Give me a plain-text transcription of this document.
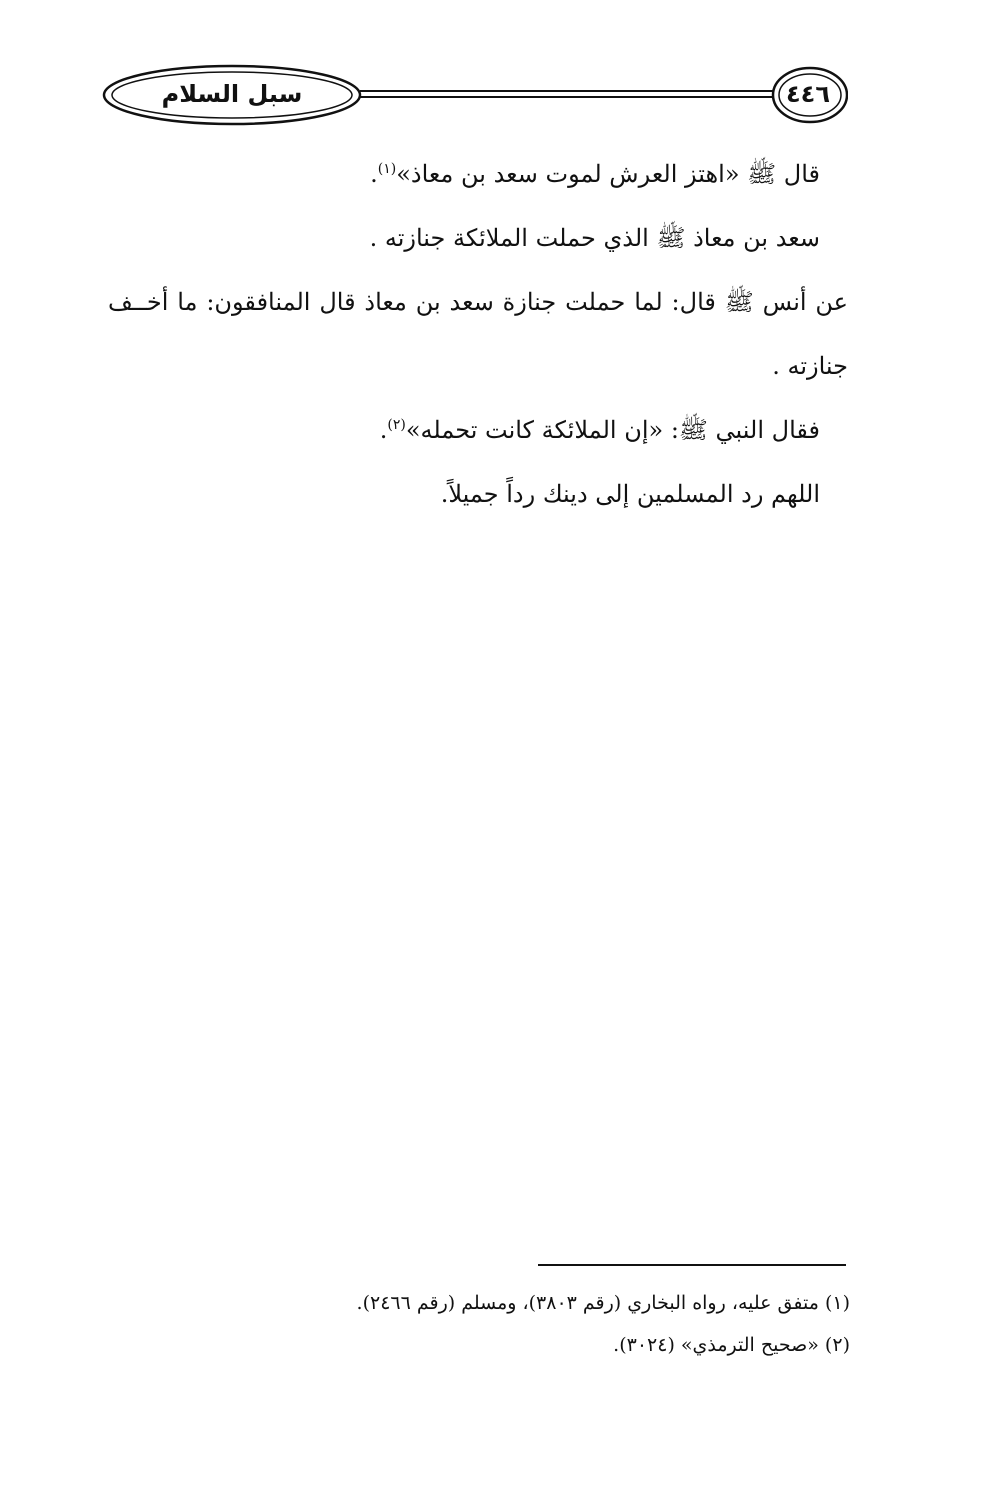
سبل السلام	٤٤٦

قال ﷺ «اهتز العرش لموت سعد بن معاذ»$^{(١)}$.

سعد بن معاذ ﷺ الذي حملت الملائكة جنازته .

عن أنس ﷺ قال: لما حملت جنازة سعد بن معاذ قال المنافقون: ما أخــف جنازته .

فقال النبي ﷺ: «إن الملائكة كانت تحمله»$^{(٢)}$.

اللهم رد المسلمين إلى دينك رداً جميلاً.

(١) متفق عليه، رواه البخاري (رقم ٣٨٠٣)، ومسلم (رقم ٢٤٦٦).

(٢) «صحيح الترمذي» (٣٠٢٤).
